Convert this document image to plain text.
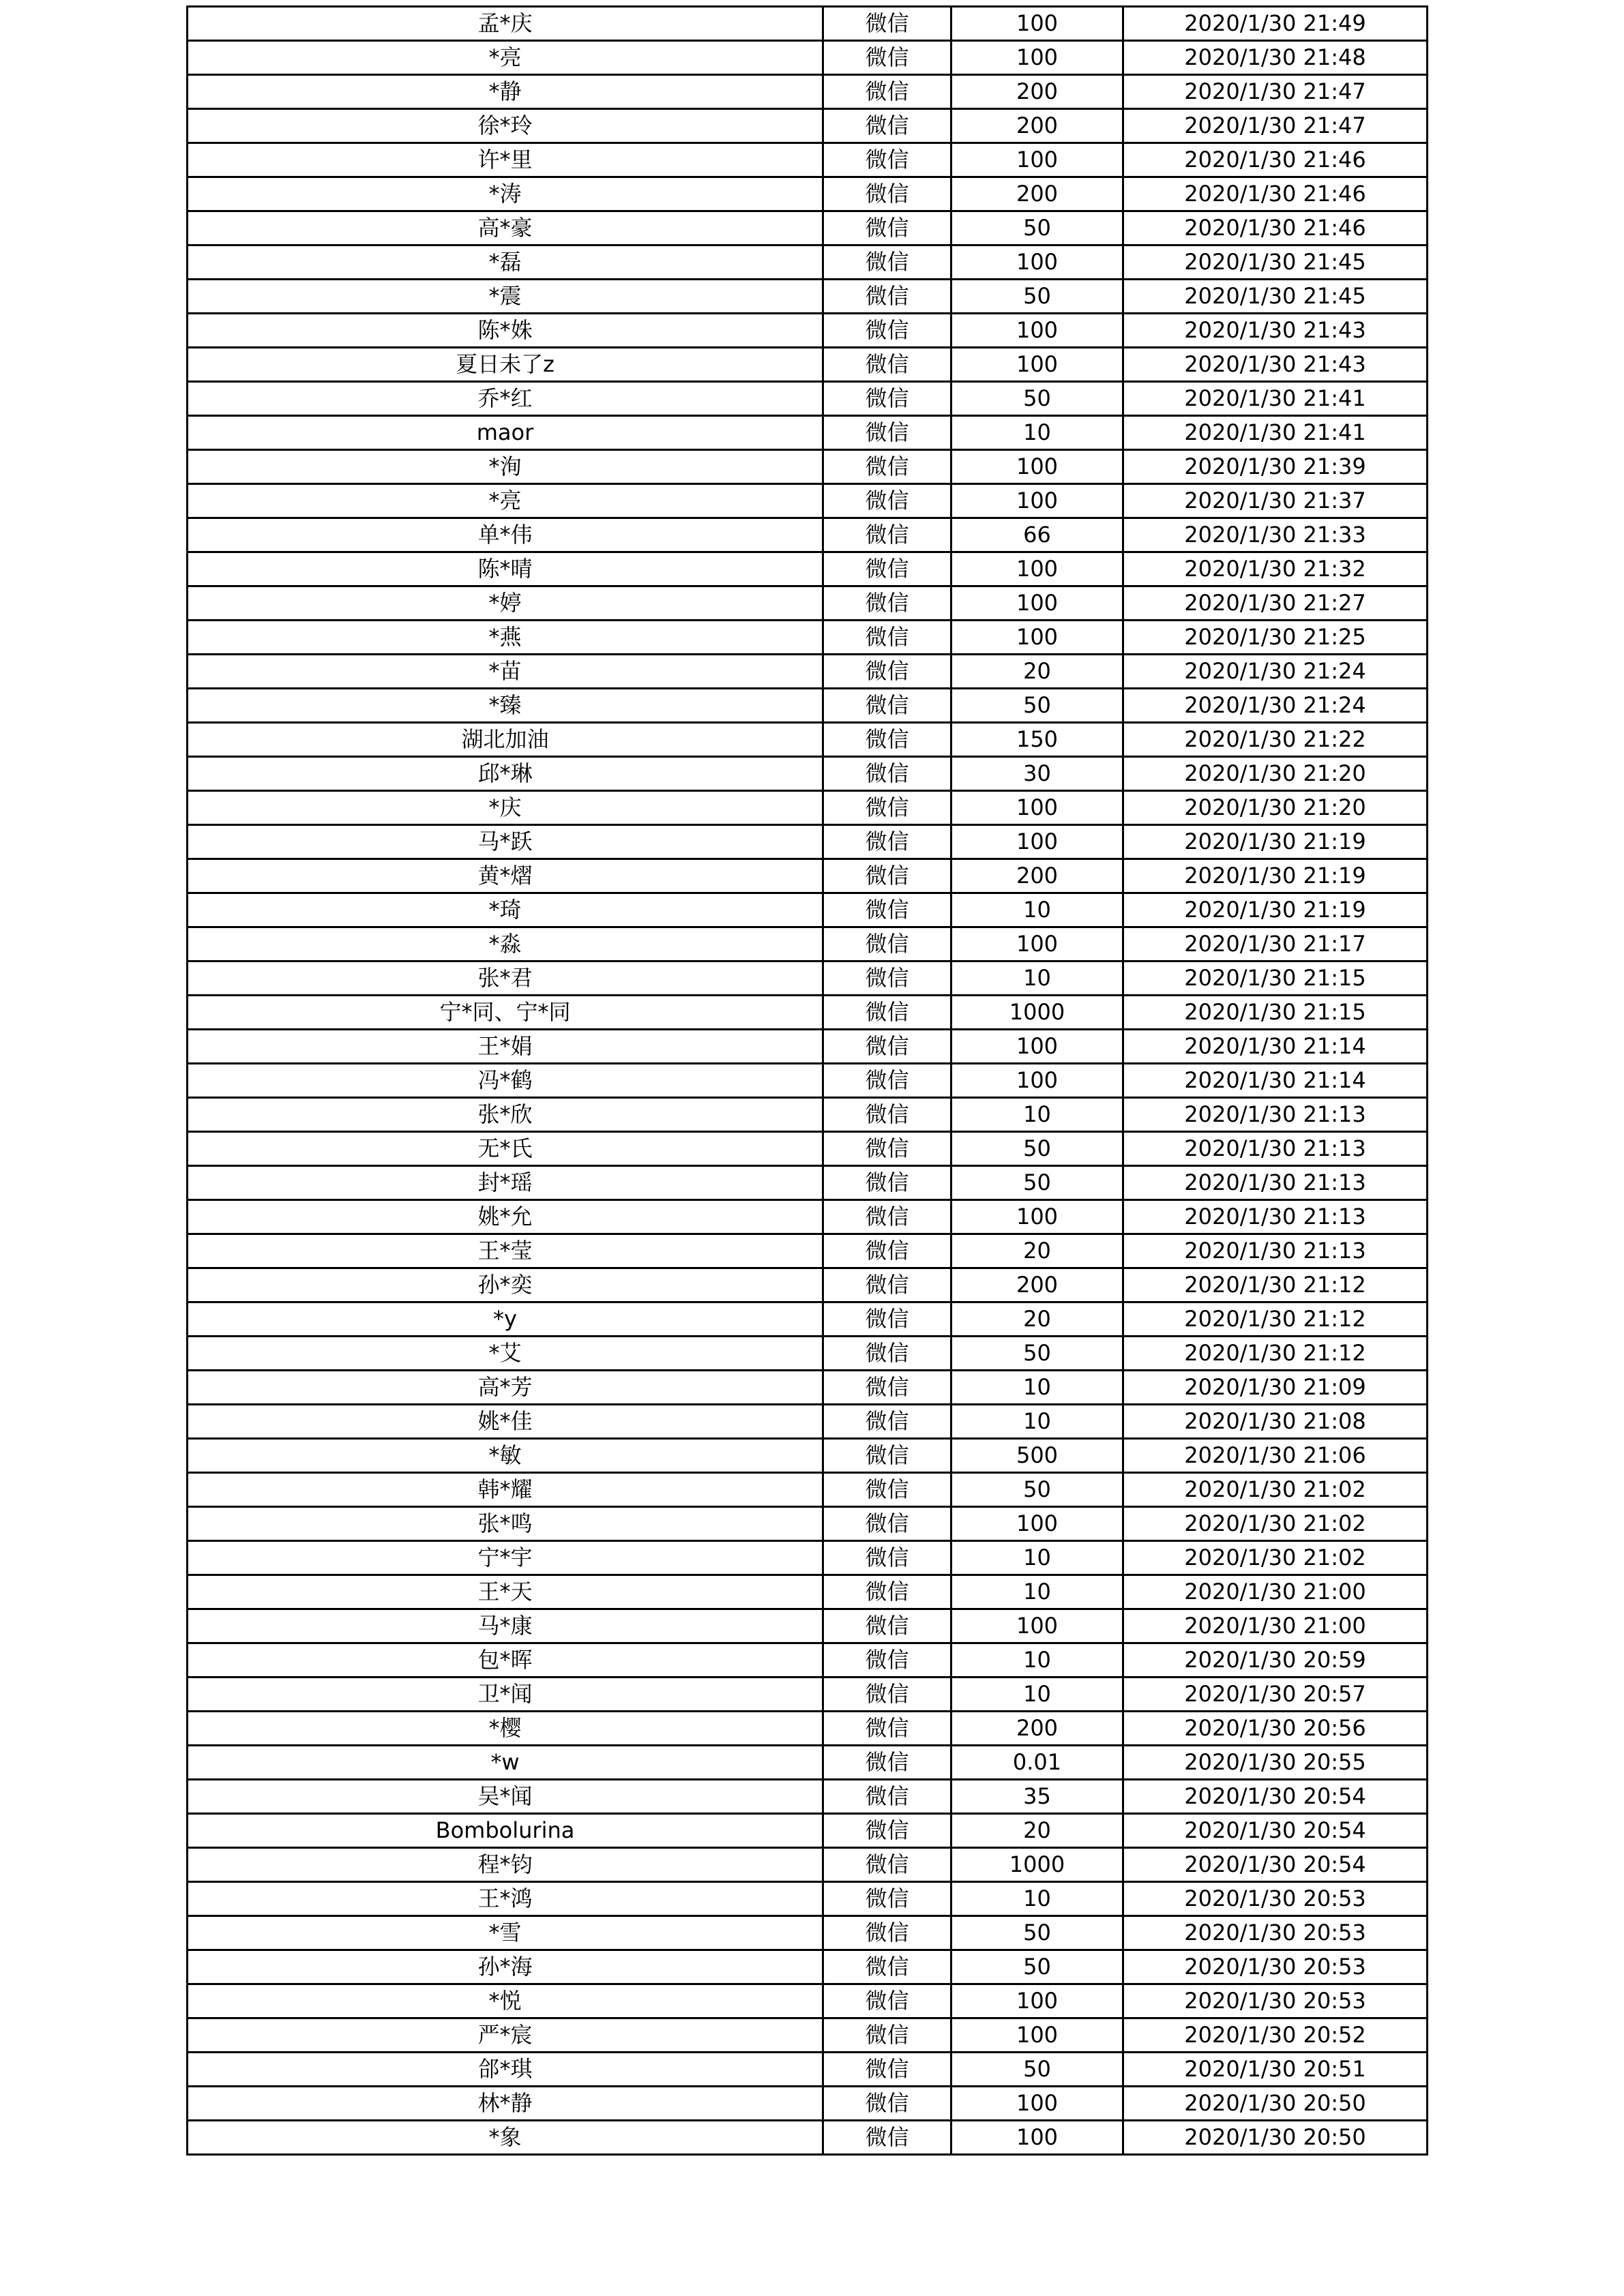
孟*庆	微信	100	2020/1/30 21:49
*亮	微信	100	2020/1/30 21:48
*静	微信	200	2020/1/30 21:47
徐*玲	微信	200	2020/1/30 21:47
许*里	微信	100	2020/1/30 21:46
*涛	微信	200	2020/1/30 21:46
高*豪	微信	50	2020/1/30 21:46
*磊	微信	100	2020/1/30 21:45
*震	微信	50	2020/1/30 21:45
陈*姝	微信	100	2020/1/30 21:43
夏日未了z	微信	100	2020/1/30 21:43
乔*红	微信	50	2020/1/30 21:41
maor	微信	10	2020/1/30 21:41
*洵	微信	100	2020/1/30 21:39
*亮	微信	100	2020/1/30 21:37
单*伟	微信	66	2020/1/30 21:33
陈*晴	微信	100	2020/1/30 21:32
*婷	微信	100	2020/1/30 21:27
*燕	微信	100	2020/1/30 21:25
*苗	微信	20	2020/1/30 21:24
*臻	微信	50	2020/1/30 21:24
湖北加油	微信	150	2020/1/30 21:22
邱*琳	微信	30	2020/1/30 21:20
*庆	微信	100	2020/1/30 21:20
马*跃	微信	100	2020/1/30 21:19
黄*熠	微信	200	2020/1/30 21:19
*琦	微信	10	2020/1/30 21:19
*淼	微信	100	2020/1/30 21:17
张*君	微信	10	2020/1/30 21:15
宁*同、宁*同	微信	1000	2020/1/30 21:15
王*娟	微信	100	2020/1/30 21:14
冯*鹤	微信	100	2020/1/30 21:14
张*欣	微信	10	2020/1/30 21:13
无*氏	微信	50	2020/1/30 21:13
封*瑶	微信	50	2020/1/30 21:13
姚*允	微信	100	2020/1/30 21:13
王*莹	微信	20	2020/1/30 21:13
孙*奕	微信	200	2020/1/30 21:12
*y	微信	20	2020/1/30 21:12
*艾	微信	50	2020/1/30 21:12
高*芳	微信	10	2020/1/30 21:09
姚*佳	微信	10	2020/1/30 21:08
*敏	微信	500	2020/1/30 21:06
韩*耀	微信	50	2020/1/30 21:02
张*鸣	微信	100	2020/1/30 21:02
宁*宇	微信	10	2020/1/30 21:02
王*天	微信	10	2020/1/30 21:00
马*康	微信	100	2020/1/30 21:00
包*晖	微信	10	2020/1/30 20:59
卫*闻	微信	10	2020/1/30 20:57
*樱	微信	200	2020/1/30 20:56
*w	微信	0.01	2020/1/30 20:55
吴*闻	微信	35	2020/1/30 20:54
Bombolurina	微信	20	2020/1/30 20:54
程*钧	微信	1000	2020/1/30 20:54
王*鸿	微信	10	2020/1/30 20:53
*雪	微信	50	2020/1/30 20:53
孙*海	微信	50	2020/1/30 20:53
*悦	微信	100	2020/1/30 20:53
严*宸	微信	100	2020/1/30 20:52
郃*琪	微信	50	2020/1/30 20:51
林*静	微信	100	2020/1/30 20:50
*象	微信	100	2020/1/30 20:50
